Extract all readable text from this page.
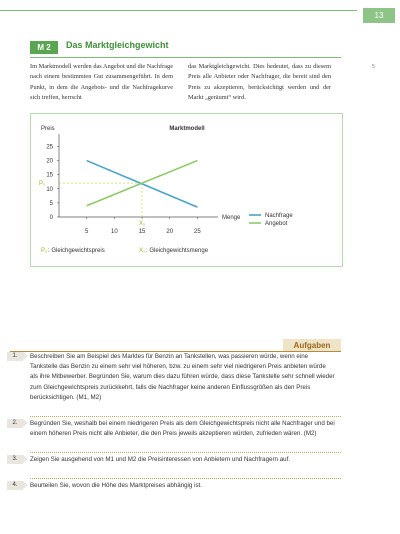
13
M 2	Das Marktgleichgewicht
Im Marktmodell werden das Angebot und die Nachfrage nach einem bestimmten Gut zusammengeführt. In dem Punkt, in dem die Angebots- und die Nachfragekurve sich treffen, herrscht
das Marktgleichgewicht. Dies bedeutet, dass zu diesem Preis alle Anbieter oder Nachfrager, die bereit sind den Preis zu akzeptieren, berücksichtigt werden und der Markt „geräumt“ wird.
5
Marktmodell
Preis
Menge
0
5
10
15
20
25
5	10	15	20	25
P₁
X₁
Nachfrage
Angebot
P₁ : Gleichgewichtspreis	X₁ : Gleichgewichtsmenge
Aufgaben
1.	Beschreiben Sie am Beispiel des Marktes für Benzin an Tankstellen, was passieren würde, wenn eine Tankstelle das Benzin zu einem sehr viel höheren, bzw. zu einem sehr viel niedrigeren Preis anbieten würde als ihre Mitbewerber. Begründen Sie, warum dies dazu führen würde, dass diese Tankstelle sehr schnell wieder zum Gleichgewichtspreis zurückkehrt, falls die Nachfrager keine anderen Einflussgrößen als den Preis berücksichtigen. (M1, M2)
2.	Begründen Sie, weshalb bei einem niedrigeren Preis als dem Gleichgewichtspreis nicht alle Nachfrager und bei einem höheren Preis nicht alle Anbieter, die den Preis jeweils akzeptieren würden, zufrieden wären. (M2)
3.	Zeigen Sie ausgehend von M1 und M2 die Preisinteressen von Anbietern und Nachfragern auf.
4.	Beurteilen Sie, wovon die Höhe des Marktpreises abhängig ist.
